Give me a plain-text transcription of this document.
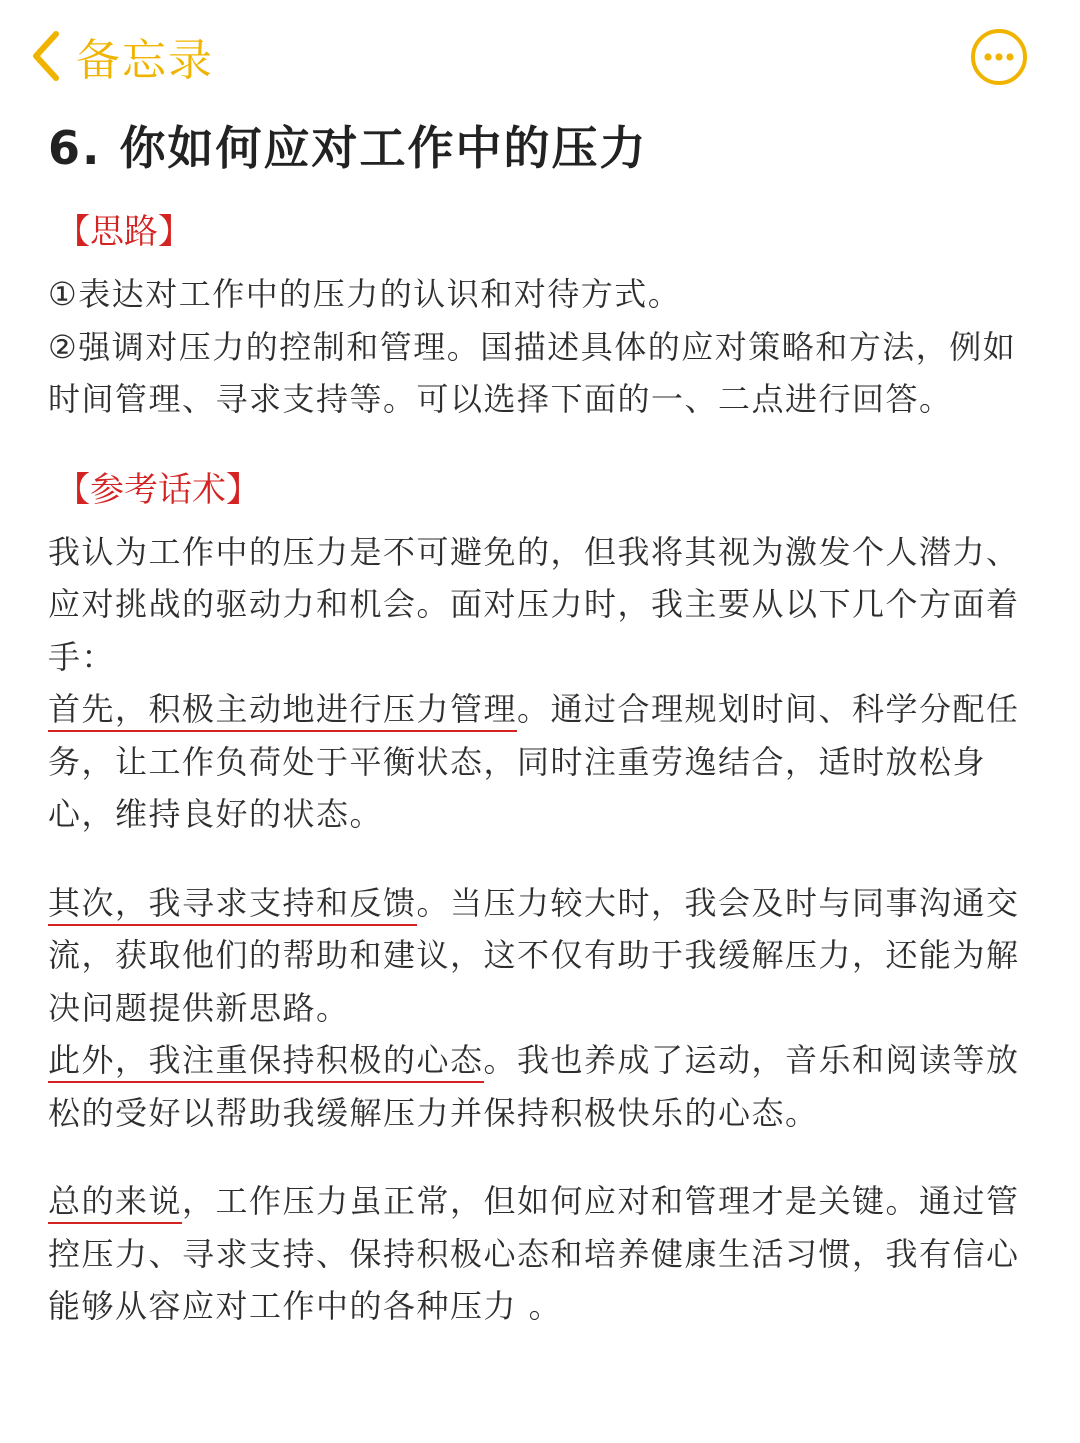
备忘录
6. 你如何应对工作中的压力
【思路】

①表达对工作中的压力的认识和对待方式。

②强调对压力的控制和管理。国描述具体的应对策略和方法，例如时间管理、寻求支持等。可以选择下面的一、二点进行回答。

【参考话术】

我认为工作中的压力是不可避免的，但我将其视为激发个人潜力、应对挑战的驱动力和机会。面对压力时，我主要从以下几个方面着手：

首先，积极主动地进行压力管理。通过合理规划时间、科学分配任务，让工作负荷处于平衡状态，同时注重劳逸结合，适时放松身心，维持良好的状态。

其次，我寻求支持和反馈。当压力较大时，我会及时与同事沟通交流，获取他们的帮助和建议，这不仅有助于我缓解压力，还能为解决问题提供新思路。

此外，我注重保持积极的心态。我也养成了运动，音乐和阅读等放松的受好以帮助我缓解压力并保持积极快乐的心态。

总的来说，工作压力虽正常，但如何应对和管理才是关键。通过管控压力、寻求支持、保持积极心态和培养健康生活习惯，我有信心能够从容应对工作中的各种压力 。
